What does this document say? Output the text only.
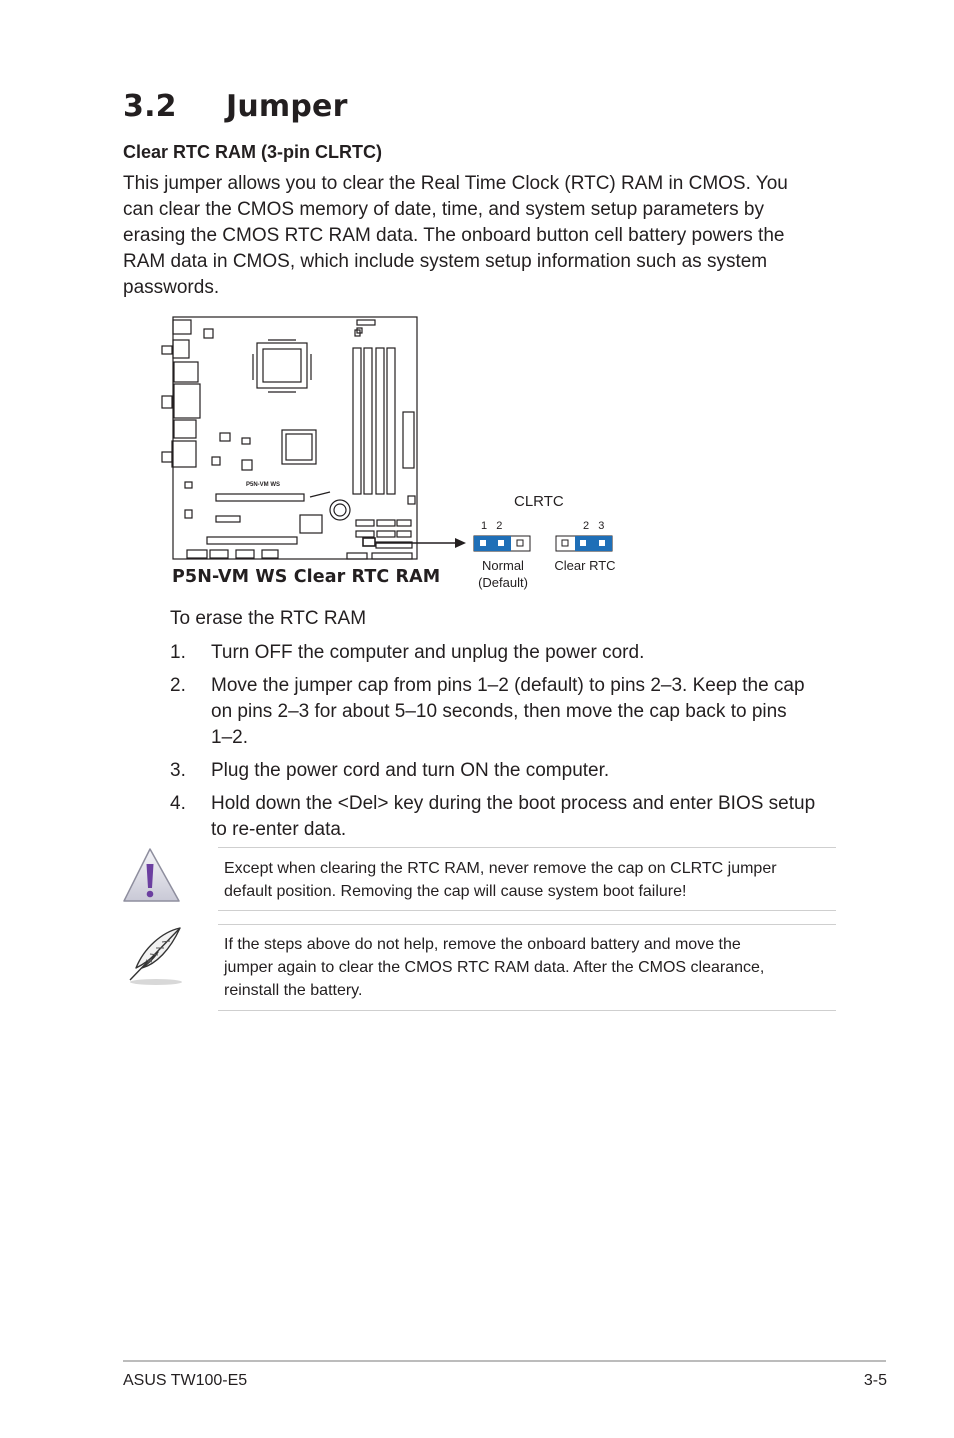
3.2 Jumper
Clear RTC RAM (3-pin CLRTC)
This jumper allows you to clear the Real Time Clock (RTC) RAM in CMOS. You
can clear the CMOS memory of date, time, and system setup parameters by
erasing the CMOS RTC RAM data. The onboard button cell battery powers the
RAM data in CMOS, which include system setup information such as system
passwords.
P5N-VM WS
CLRTC
1   2	2   3
Normal
(Default)
Clear RTC
P5N-VM WS Clear RTC RAM

To erase the RTC RAM

1. Turn OFF the computer and unplug the power cord.
2. Move the jumper cap from pins 1–2 (default) to pins 2–3. Keep the cap
on pins 2–3 for about 5–10 seconds, then move the cap back to pins
1–2.
3. Plug the power cord and turn ON the computer.
4. Hold down the <Del> key during the boot process and enter BIOS setup
to re-enter data.
Except when clearing the RTC RAM, never remove the cap on CLRTC jumper
default position. Removing the cap will cause system boot failure!
If the steps above do not help, remove the onboard battery and move the
jumper again to clear the CMOS RTC RAM data. After the CMOS clearance,
reinstall the battery.
ASUS TW100-E5	3-5
